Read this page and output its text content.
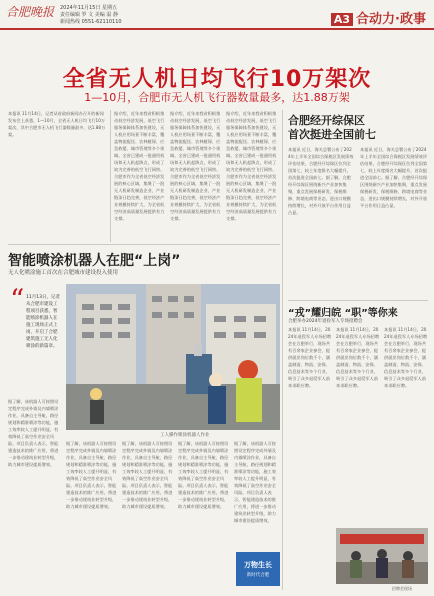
合肥晚报 2024年11月15日 星期五
责任编辑 罗 文 美编 温 静
新闻热线 0551-62110110	A3 合动力·政事
全省无人机日均飞行10万架次
1—10月，合肥市无人机飞行器数量最多，达1.88万架
本报讯 11月14日，记者从省政府新闻办召开的新闻发布会上获悉，1—10月，全省无人机日均飞行10万架次，其中合肥市无人机飞行器数量最多，达1.88万架。
据介绍，近年来我省积极推动低空经济发展，低空飞行服务保障体系加快建设，无人机应用场景不断丰富，覆盖物流配送、农林植保、应急救援、城市管理等多个领域。全省已建成一批通用机场和无人机起降点，形成了较为完善的低空飞行网络。合肥市作为全省低空经济发展的核心区域，集聚了一批无人机研发制造企业，产业链条日趋完善，低空经济产业规模持续扩大，为全省低空经济高质量发展提供有力支撑。
据介绍，近年来我省积极推动低空经济发展，低空飞行服务保障体系加快建设，无人机应用场景不断丰富，覆盖物流配送、农林植保、应急救援、城市管理等多个领域。全省已建成一批通用机场和无人机起降点，形成了较为完善的低空飞行网络。合肥市作为全省低空经济发展的核心区域，集聚了一批无人机研发制造企业，产业链条日趋完善，低空经济产业规模持续扩大，为全省低空经济高质量发展提供有力支撑。
据介绍，近年来我省积极推动低空经济发展，低空飞行服务保障体系加快建设，无人机应用场景不断丰富，覆盖物流配送、农林植保、应急救援、城市管理等多个领域。全省已建成一批通用机场和无人机起降点，形成了较为完善的低空飞行网络。合肥市作为全省低空经济发展的核心区域，集聚了一批无人机研发制造企业，产业链条日趋完善，低空经济产业规模持续扩大，为全省低空经济高质量发展提供有力支撑。
合肥经开综保区
首次挺进全国前七
本报讯 近日，海关总署公布了2024年上半年全国综合保税区发展绩效评估结果，合肥经开综保区位列全国第七，较上年度排名大幅提升，首次挺进全国前七。据了解，合肥经开综保区围绕新兴产业加快集聚，重点发展保税研发、保税维修、跨境电商等业态，进出口规模持续增长，对外开放平台作用日益凸显。
本报讯 近日，海关总署公布了2024年上半年全国综合保税区发展绩效评估结果，合肥经开综保区位列全国第七，较上年度排名大幅提升，首次挺进全国前七。据了解，合肥经开综保区围绕新兴产业加快集聚，重点发展保税研发、保税维修、跨境电商等业态，进出口规模持续增长，对外开放平台作用日益凸显。
智能喷涂机器人在肥“上岗”
无人化喷涂施工首次在合肥城市建设投入使用
“ 11月13日，记者从合肥市建设工程项目获悉，智能喷涂机器人在施工现场正式上岗，开启了合肥建筑施工无人化喷涂的新篇章。
工人操作喷涂机器人作业
据了解，该机器人可按照设定程序完成外墙及内墙喷涂作业，具备自主导航、路径规划和精准喷涂等功能，施工效率较人工提升明显，有效降低了高空作业安全风险。项目负责人表示，智能建造技术的推广应用，将进一步推动建筑业转型升级，助力城市建设提质增效。
据了解，该机器人可按照设定程序完成外墙及内墙喷涂作业，具备自主导航、路径规划和精准喷涂等功能，施工效率较人工提升明显，有效降低了高空作业安全风险。项目负责人表示，智能建造技术的推广应用，将进一步推动建筑业转型升级，助力城市建设提质增效。
据了解，该机器人可按照设定程序完成外墙及内墙喷涂作业，具备自主导航、路径规划和精准喷涂等功能，施工效率较人工提升明显，有效降低了高空作业安全风险。项目负责人表示，智能建造技术的推广应用，将进一步推动建筑业转型升级，助力城市建设提质增效。
据了解，该机器人可按照设定程序完成外墙及内墙喷涂作业，具备自主导航、路径规划和精准喷涂等功能，施工效率较人工提升明显，有效降低了高空作业安全风险。项目负责人表示，智能建造技术的推广应用，将进一步推动建筑业转型升级，助力城市建设提质增效。
据了解，该机器人可按照设定程序完成外墙及内墙喷涂作业，具备自主导航、路径规划和精准喷涂等功能，施工效率较人工提升明显，有效降低了高空作业安全风险。项目负责人表示，智能建造技术的推广应用，将进一步推动建筑业转型升级，助力城市建设提质增效。
万物生长
新时代合肥
“戎”耀归皖 “职”等你来
合肥举办2024年退役军人专场招聘会
本报讯 11月14日，2024年退役军人专场招聘会在合肥举行，现场共有百余家企业参会，提供就业岗位数千个，涵盖制造、物流、安保、信息技术等多个行业，吸引了众多退役军人前来求职应聘。
本报讯 11月14日，2024年退役军人专场招聘会在合肥举行，现场共有百余家企业参会，提供就业岗位数千个，涵盖制造、物流、安保、信息技术等多个行业，吸引了众多退役军人前来求职应聘。
本报讯 11月14日，2024年退役军人专场招聘会在合肥举行，现场共有百余家企业参会，提供就业岗位数千个，涵盖制造、物流、安保、信息技术等多个行业，吸引了众多退役军人前来求职应聘。
招聘会现场
